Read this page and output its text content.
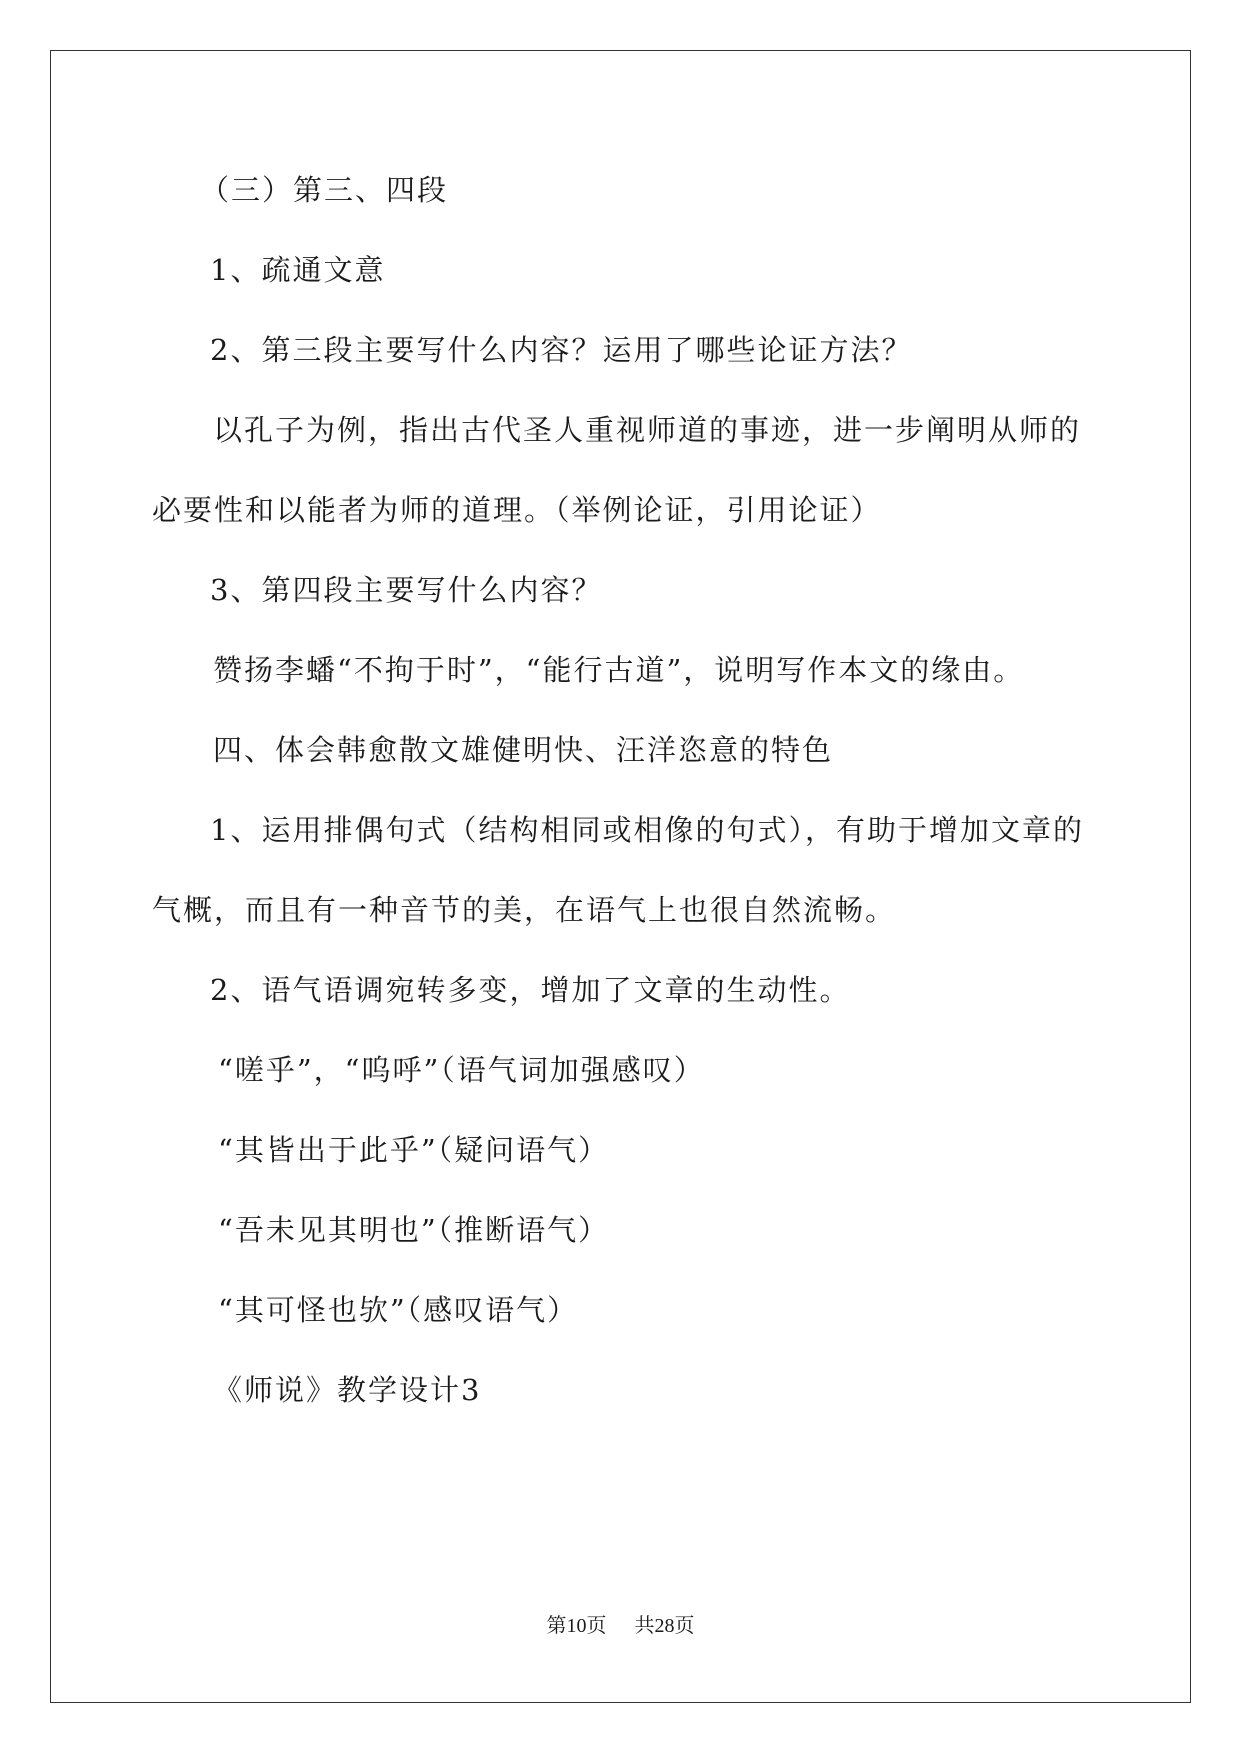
（三）第三、四段
1、疏通文意
2、第三段主要写什么内容？运用了哪些论证方法？
以孔子为例，指出古代圣人重视师道的事迹，进一步阐明从师的
必要性和以能者为师的道理。（举例论证，引用论证）
3、第四段主要写什么内容？
赞扬李蟠“不拘于时”，“能行古道”，说明写作本文的缘由。
四、体会韩愈散文雄健明快、汪洋恣意的特色
1、运用排偶句式（结构相同或相像的句式），有助于增加文章的
气概，而且有一种音节的美，在语气上也很自然流畅。
2、语气语调宛转多变，增加了文章的生动性。
“嗟乎”，“呜呼”（语气词加强感叹）
“其皆出于此乎”（疑问语气）
“吾未见其明也”（推断语气）
“其可怪也欤”（感叹语气）
《师说》教学设计3
第10页 共28页
